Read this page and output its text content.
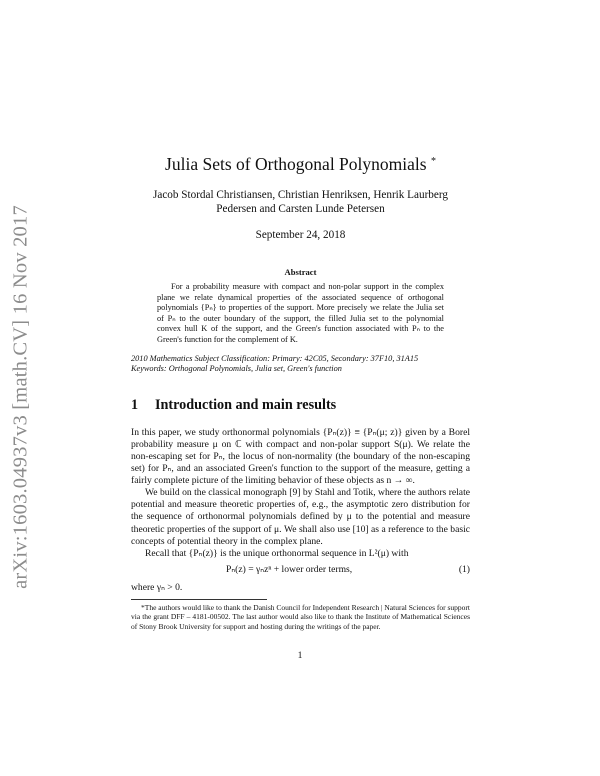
arXiv:1603.04937v3 [math.CV] 16 Nov 2017
Julia Sets of Orthogonal Polynomials *
Jacob Stordal Christiansen, Christian Henriksen, Henrik Laurberg
Pedersen and Carsten Lunde Petersen
September 24, 2018
Abstract
For a probability measure with compact and non-polar support in the complex plane we relate dynamical properties of the associated sequence of orthogonal polynomials {Pₙ} to properties of the support. More precisely we relate the Julia set of Pₙ to the outer boundary of the support, the filled Julia set to the polynomial convex hull K of the support, and the Green's function associated with Pₙ to the Green's function for the complement of K.
2010 Mathematics Subject Classification: Primary: 42C05, Secondary: 37F10, 31A15
Keywords: Orthogonal Polynomials, Julia set, Green's function
1 Introduction and main results
In this paper, we study orthonormal polynomials {Pₙ(z)} ≡ {Pₙ(μ; z)} given by a Borel probability measure μ on ℂ with compact and non-polar support S(μ). We relate the non-escaping set for Pₙ, the locus of non-normality (the boundary of the non-escaping set) for Pₙ, and an associated Green's function to the support of the measure, getting a fairly complete picture of the limiting behavior of these objects as n → ∞.
We build on the classical monograph [9] by Stahl and Totik, where the authors relate potential and measure theoretic properties of, e.g., the asymptotic zero distribution for the sequence of orthonormal polynomials defined by μ to the potential and measure theoretic properties of the support of μ. We shall also use [10] as a reference to the basic concepts of potential theory in the complex plane.
Recall that {Pₙ(z)} is the unique orthonormal sequence in L²(μ) with
Pₙ(z) = γₙzⁿ + lower order terms,	(1)
where γₙ > 0.
*The authors would like to thank the Danish Council for Independent Research | Natural Sciences for support via the grant DFF – 4181-00502. The last author would also like to thank the Institute of Mathematical Sciences of Stony Brook University for support and hosting during the writings of the paper.
1
